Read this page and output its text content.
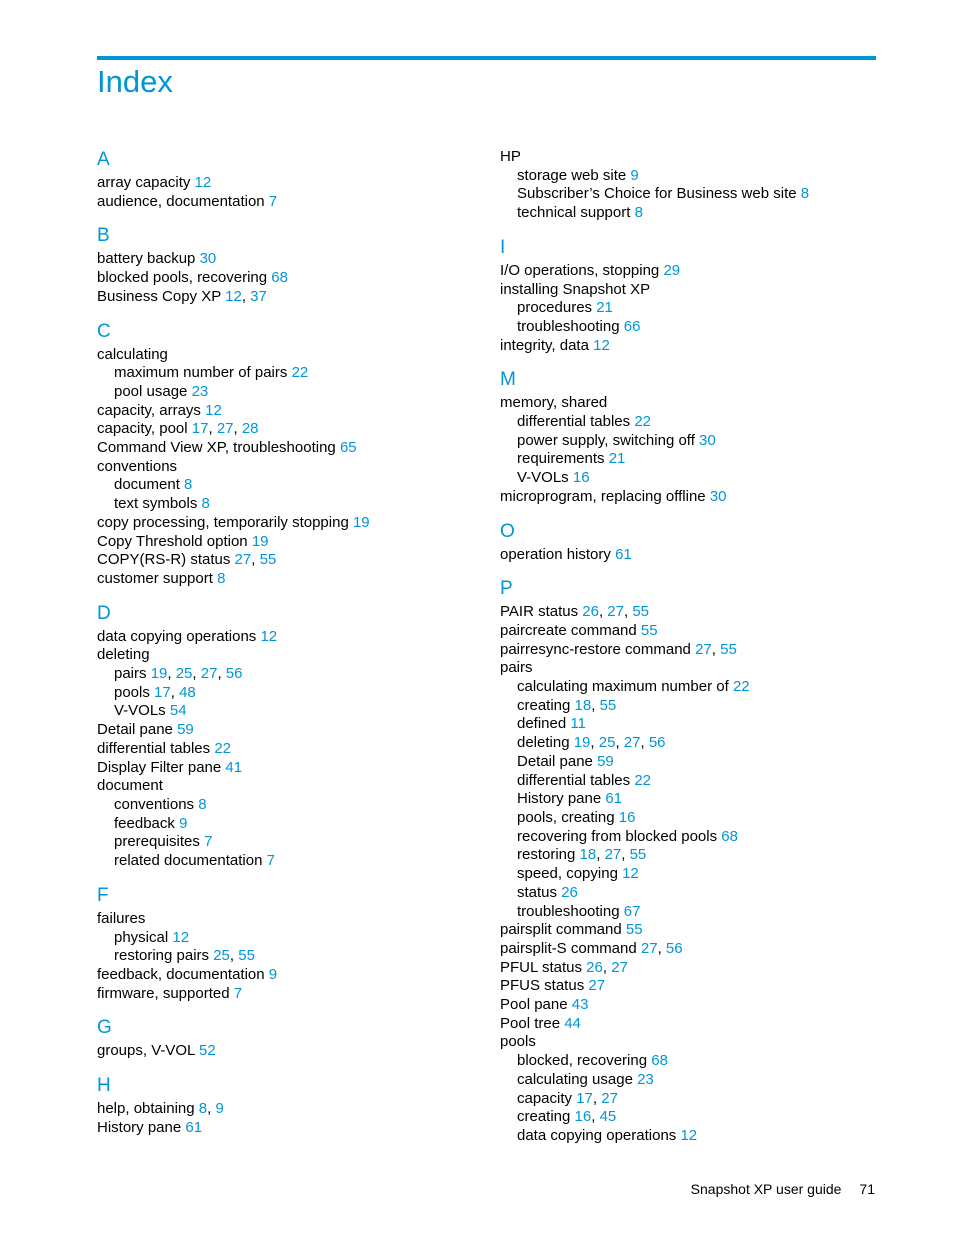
Index
A
array capacity 12
audience, documentation 7
B
battery backup 30
blocked pools, recovering 68
Business Copy XP 12, 37
C
calculating
maximum number of pairs 22
pool usage 23
capacity, arrays 12
capacity, pool 17, 27, 28
Command View XP, troubleshooting 65
conventions
document 8
text symbols 8
copy processing, temporarily stopping 19
Copy Threshold option 19
COPY(RS-R) status 27, 55
customer support 8
D
data copying operations 12
deleting
pairs 19, 25, 27, 56
pools 17, 48
V-VOLs 54
Detail pane 59
differential tables 22
Display Filter pane 41
document
conventions 8
feedback 9
prerequisites 7
related documentation 7
F
failures
physical 12
restoring pairs 25, 55
feedback, documentation 9
firmware, supported 7
G
groups, V-VOL 52
H
help, obtaining 8, 9
History pane 61
HP
storage web site 9
Subscriber’s Choice for Business web site 8
technical support 8
I
I/O operations, stopping 29
installing Snapshot XP
procedures 21
troubleshooting 66
integrity, data 12
M
memory, shared
differential tables 22
power supply, switching off 30
requirements 21
V-VOLs 16
microprogram, replacing offline 30
O
operation history 61
P
PAIR status 26, 27, 55
paircreate command 55
pairresync-restore command 27, 55
pairs
calculating maximum number of 22
creating 18, 55
defined 11
deleting 19, 25, 27, 56
Detail pane 59
differential tables 22
History pane 61
pools, creating 16
recovering from blocked pools 68
restoring 18, 27, 55
speed, copying 12
status 26
troubleshooting 67
pairsplit command 55
pairsplit-S command 27, 56
PFUL status 26, 27
PFUS status 27
Pool pane 43
Pool tree 44
pools
blocked, recovering 68
calculating usage 23
capacity 17, 27
creating 16, 45
data copying operations 12
Snapshot XP user guide 71
